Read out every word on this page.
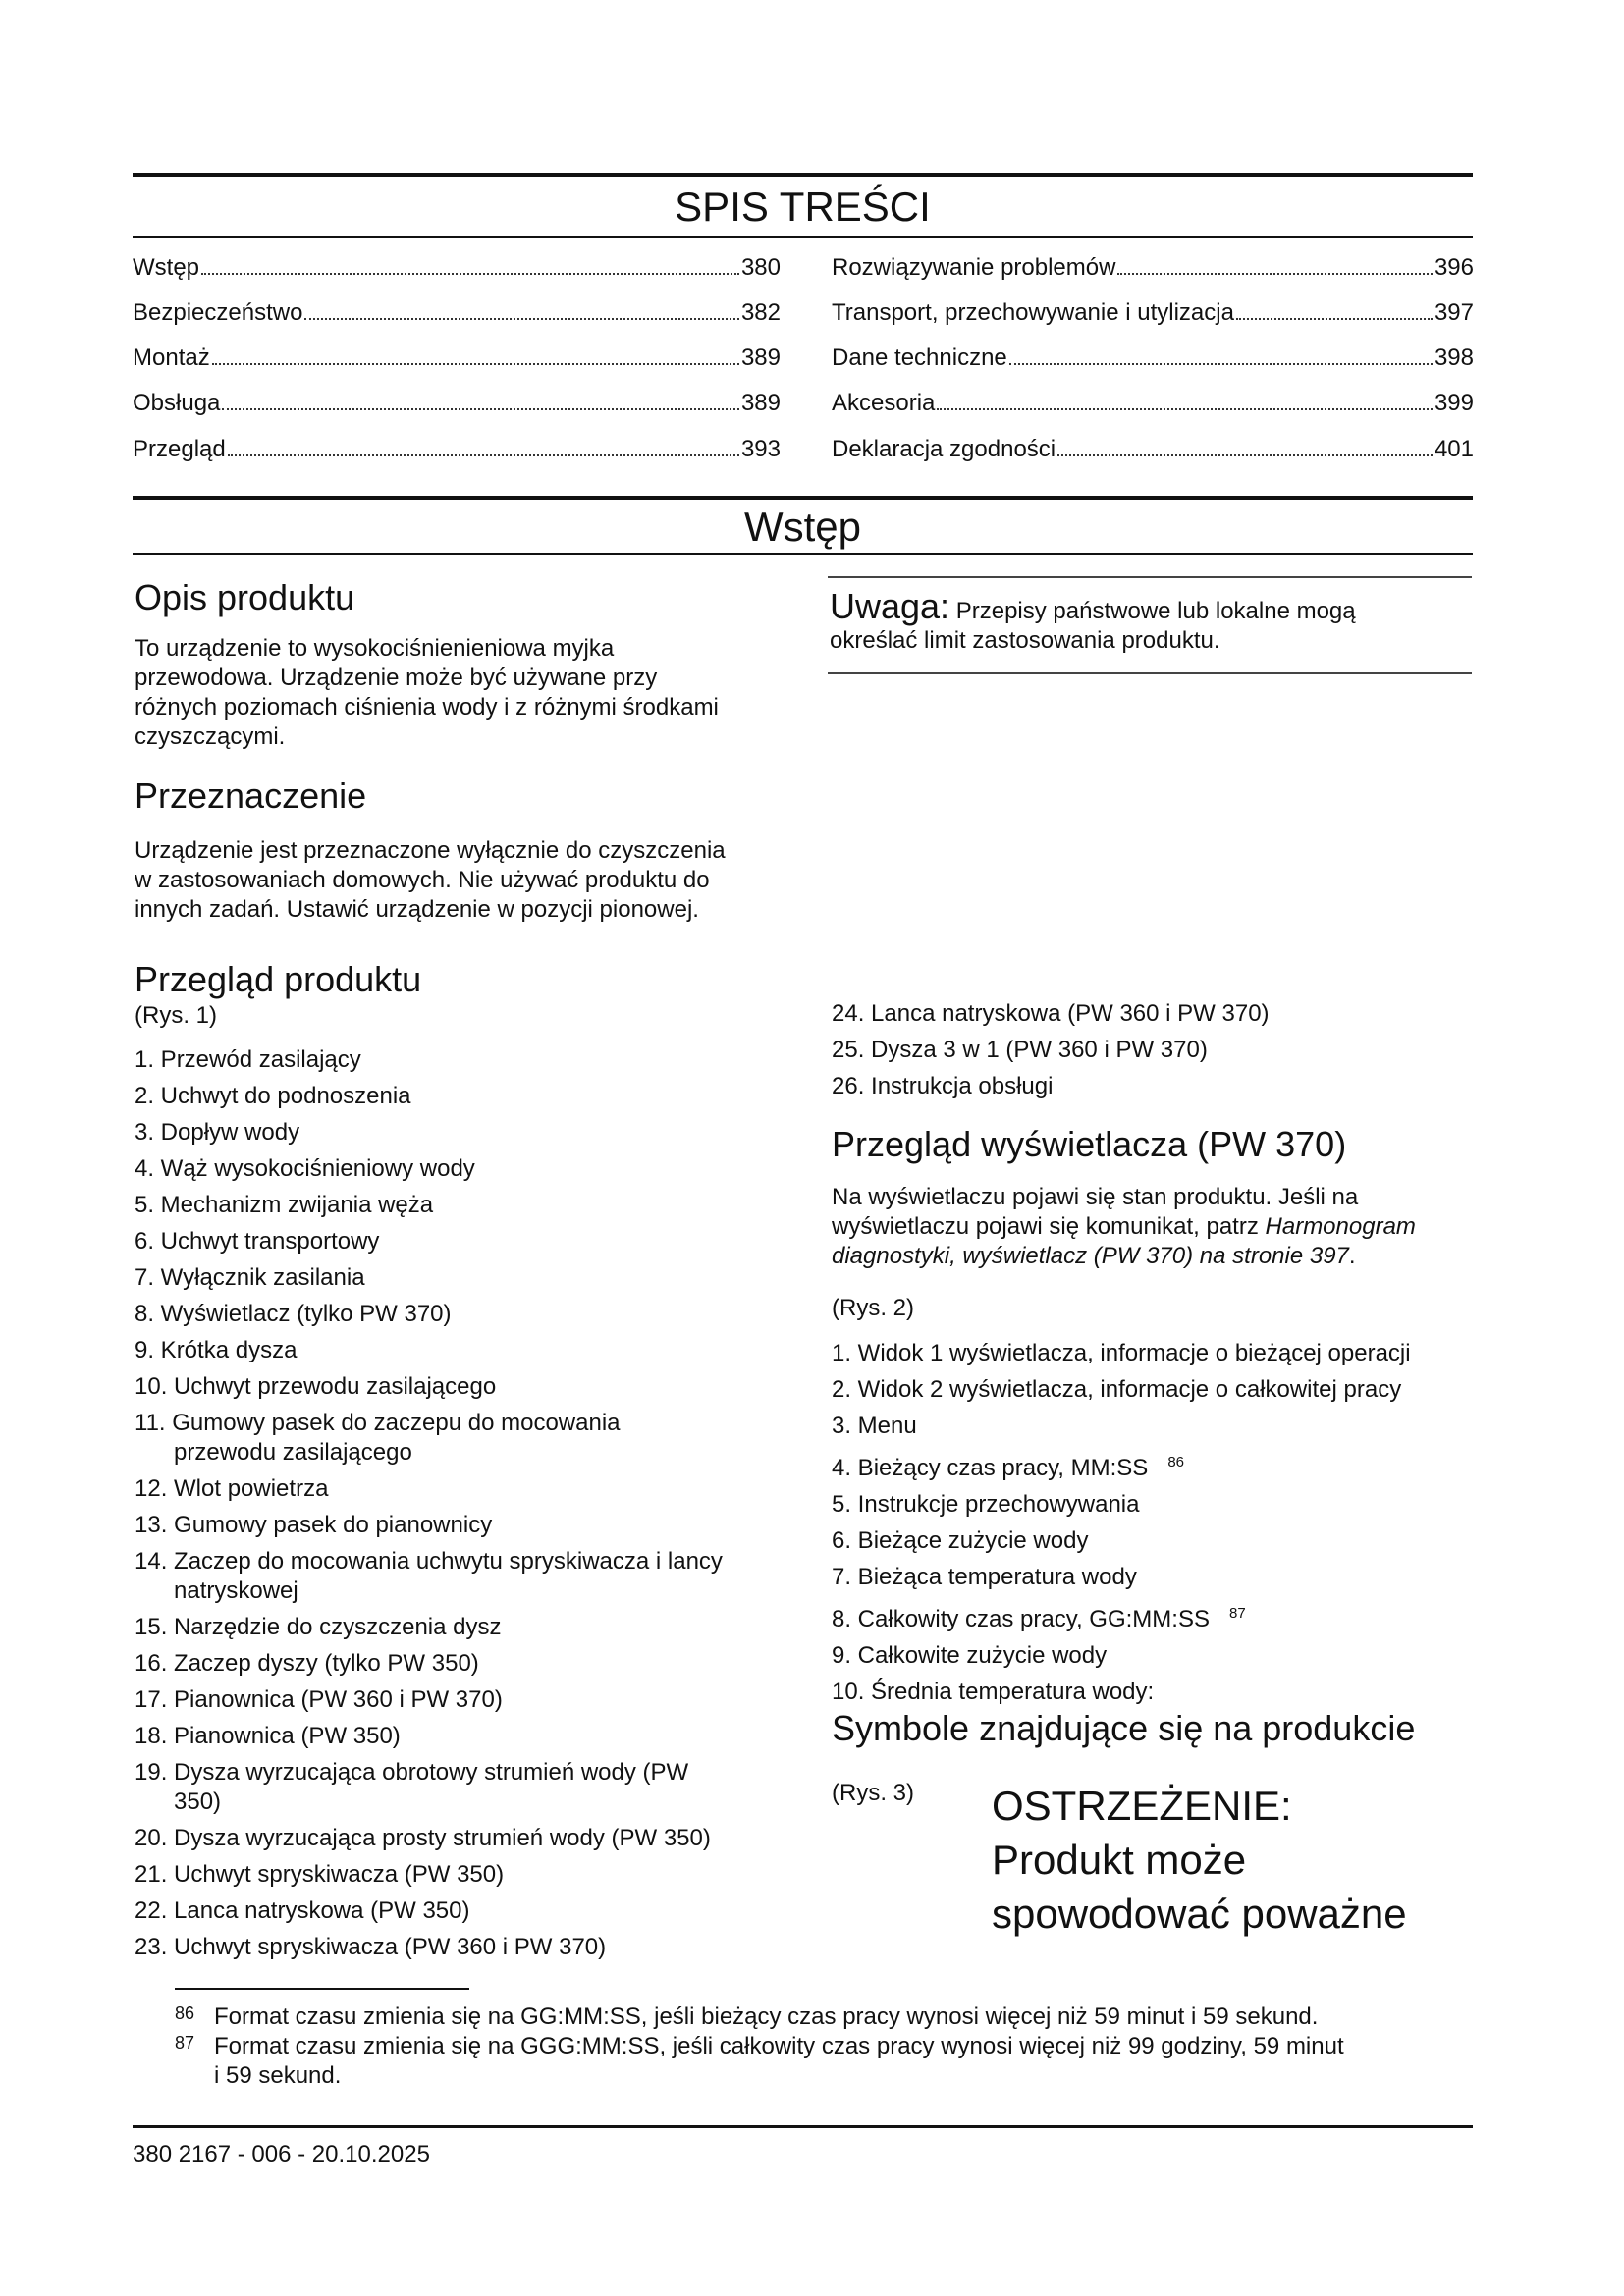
SPIS TREŚCI
Wstęp	380
Bezpieczeństwo	382
Montaż	389
Obsługa	389
Przegląd	393
Rozwiązywanie problemów	396
Transport, przechowywanie i utylizacja	397
Dane techniczne	398
Akcesoria	399
Deklaracja zgodności	401
Wstęp
Opis produktu
To urządzenie to wysokociśnienieniowa myjka
przewodowa. Urządzenie może być używane przy
różnych poziomach ciśnienia wody i z różnymi środkami
czyszczącymi.
Uwaga: Przepisy państwowe lub lokalne mogą
określać limit zastosowania produktu.
Przeznaczenie
Urządzenie jest przeznaczone wyłącznie do czyszczenia
w zastosowaniach domowych. Nie używać produktu do
innych zadań. Ustawić urządzenie w pozycji pionowej.
Przegląd produktu
(Rys. 1)
1. Przewód zasilający
2. Uchwyt do podnoszenia
3. Dopływ wody
4. Wąż wysokociśnieniowy wody
5. Mechanizm zwijania węża
6. Uchwyt transportowy
7. Wyłącznik zasilania
8. Wyświetlacz (tylko PW 370)
9. Krótka dysza
10. Uchwyt przewodu zasilającego
11. Gumowy pasek do zaczepu do mocowania
przewodu zasilającego
12. Wlot powietrza
13. Gumowy pasek do pianownicy
14. Zaczep do mocowania uchwytu spryskiwacza i lancy
natryskowej
15. Narzędzie do czyszczenia dysz
16. Zaczep dyszy (tylko PW 350)
17. Pianownica (PW 360 i PW 370)
18. Pianownica (PW 350)
19. Dysza wyrzucająca obrotowy strumień wody (PW
350)
20. Dysza wyrzucająca prosty strumień wody (PW 350)
21. Uchwyt spryskiwacza (PW 350)
22. Lanca natryskowa (PW 350)
23. Uchwyt spryskiwacza (PW 360 i PW 370)
24. Lanca natryskowa (PW 360 i PW 370)
25. Dysza 3 w 1 (PW 360 i PW 370)
26. Instrukcja obsługi
Przegląd wyświetlacza (PW 370)
Na wyświetlaczu pojawi się stan produktu. Jeśli na
wyświetlaczu pojawi się komunikat, patrz Harmonogram
diagnostyki, wyświetlacz (PW 370) na stronie 397.
(Rys. 2)
1. Widok 1 wyświetlacza, informacje o bieżącej operacji
2. Widok 2 wyświetlacza, informacje o całkowitej pracy
3. Menu
4. Bieżący czas pracy, MM:SS $^{86}$
5. Instrukcje przechowywania
6. Bieżące zużycie wody
7. Bieżąca temperatura wody
8. Całkowity czas pracy, GG:MM:SS $^{87}$
9. Całkowite zużycie wody
10. Średnia temperatura wody:
Symbole znajdujące się na produkcie
(Rys. 3) OSTRZEŻENIE:
Produkt może
spowodować poważne
86 Format czasu zmienia się na GG:MM:SS, jeśli bieżący czas pracy wynosi więcej niż 59 minut i 59 sekund.
87 Format czasu zmienia się na GGG:MM:SS, jeśli całkowity czas pracy wynosi więcej niż 99 godziny, 59 minut
i 59 sekund.
380 2167 - 006 - 20.10.2025
